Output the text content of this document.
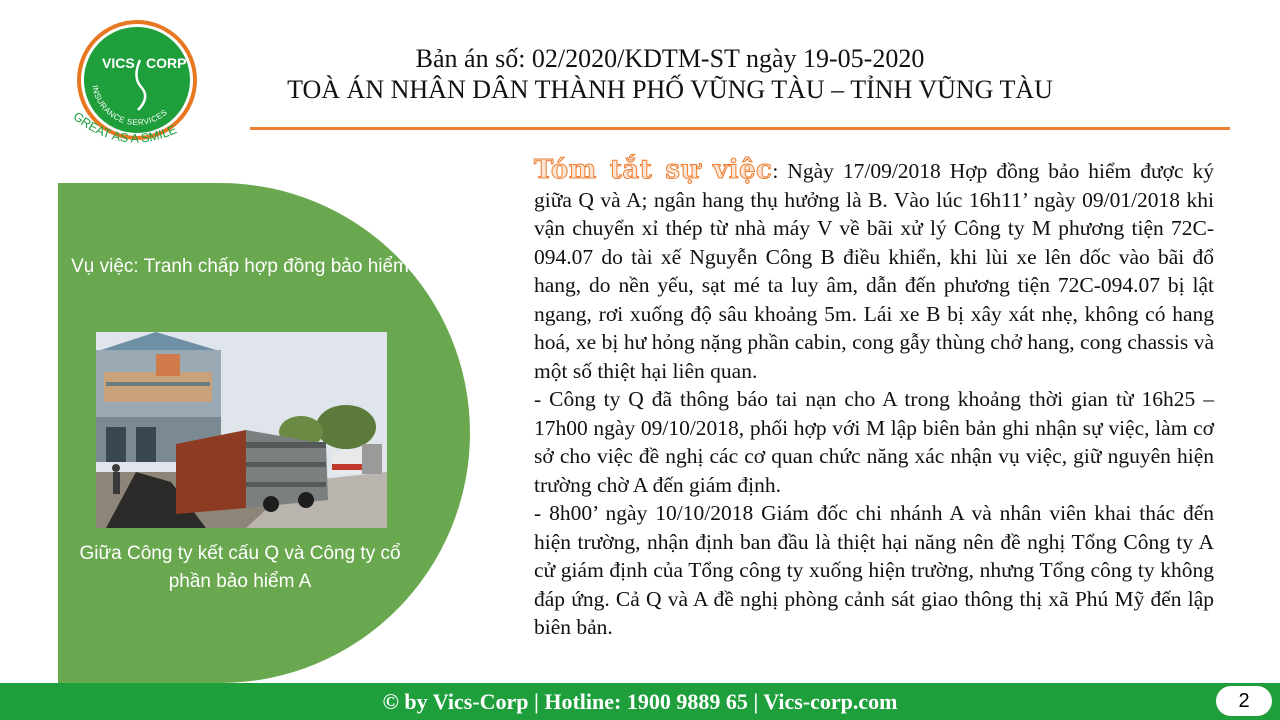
VICS CORP
INSURANCE SERVICES
GREAT AS A SMILE
Bản án số: 02/2020/KDTM-ST ngày 19-05-2020
TOÀ ÁN NHÂN DÂN THÀNH PHỐ VŨNG TÀU – TỈNH VŨNG TÀU
Vụ việc: Tranh chấp hợp đồng bảo hiểm
Giữa Công ty kết cấu Q và Công ty cổ phần bảo hiểm A

Tóm tắt sự việc: Ngày 17/09/2018 Hợp đồng bảo hiểm được ký giữa Q và A; ngân hang thụ hưởng là B. Vào lúc 16h11’ ngày 09/01/2018 khi vận chuyển xỉ thép từ nhà máy V về bãi xử lý Công ty M phương tiện 72C-094.07 do tài xế Nguyễn Công B điều khiển, khi lùi xe lên dốc vào bãi đổ hang, do nền yếu, sạt mé ta luy âm, dẫn đến phương tiện 72C-094.07 bị lật ngang, rơi xuống độ sâu khoảng 5m. Lái xe B bị xây xát nhẹ, không có hang hoá, xe bị hư hỏng nặng phần cabin, cong gẫy thùng chở hang, cong chassis và một số thiệt hại liên quan.

- Công ty Q đã thông báo tai nạn cho A trong khoảng thời gian từ 16h25 – 17h00 ngày 09/10/2018, phối hợp với M lập biên bản ghi nhận sự việc, làm cơ sở cho việc đề nghị các cơ quan chức năng xác nhận vụ việc, giữ nguyên hiện trường chờ A đến giám định.

- 8h00’ ngày 10/10/2018 Giám đốc chi nhánh A và nhân viên khai thác đến hiện trường, nhận định ban đầu là thiệt hại năng nên đề nghị Tổng Công ty A cử giám định của Tổng công ty xuống hiện trường, nhưng Tổng công ty không đáp ứng. Cả Q và A đề nghị phòng cảnh sát giao thông thị xã Phú Mỹ đến lập biên bản.

© by Vics-Corp | Hotline: 1900 9889 65 | Vics-corp.com	2
